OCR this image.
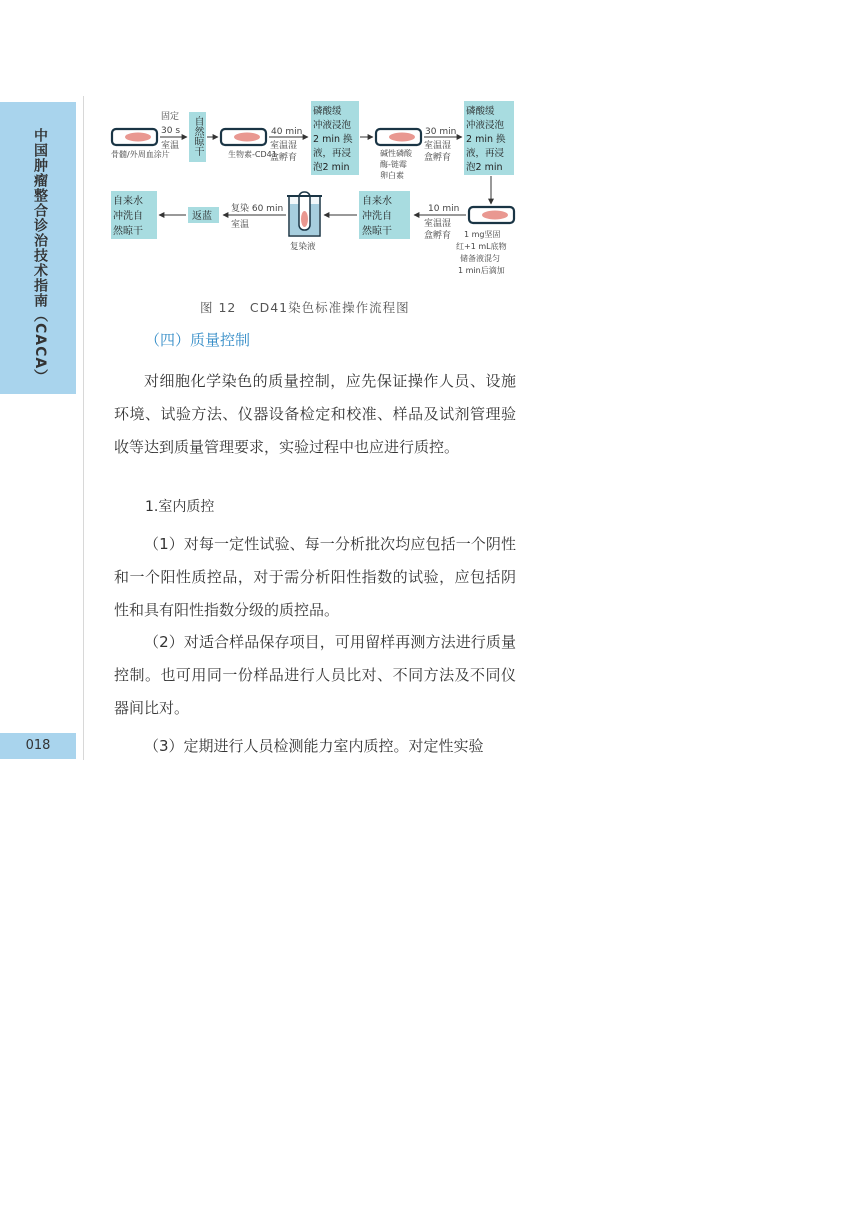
中国肿瘤整合诊治技术指南（CACA）
018
骨髓/外周血涂片
固定
30 s
室温 自然晾干	生物素-CD41
40 min
室温湿
盒孵育
磷酸缓
冲液浸泡
2 min 换
液，再浸
泡2 min
碱性磷酸
酶-链霉
卵白素
30 min
室温湿
盒孵育
磷酸缓
冲液浸泡
2 min 换
液，再浸
泡2 min
1 mg坚固
红+1 mL底物
储备液混匀
1 min后滴加
10 min
室温湿
盒孵育
自来水
冲洗自
然晾干
复染液
复染 60 min
室温
返蓝
自来水
冲洗自
然晾干
图 12　CD41染色标准操作流程图
（四）质量控制

对细胞化学染色的质量控制，应先保证操作人员、设施环境、试验方法、仪器设备检定和校准、样品及试剂管理验收等达到质量管理要求，实验过程中也应进行质控。

1.室内质控

（1）对每一定性试验、每一分析批次均应包括一个阴性和一个阳性质控品，对于需分析阳性指数的试验，应包括阴性和具有阳性指数分级的质控品。

（2）对适合样品保存项目，可用留样再测方法进行质量控制。也可用同一份样品进行人员比对、不同方法及不同仪器间比对。

（3）定期进行人员检测能力室内质控。对定性实验
